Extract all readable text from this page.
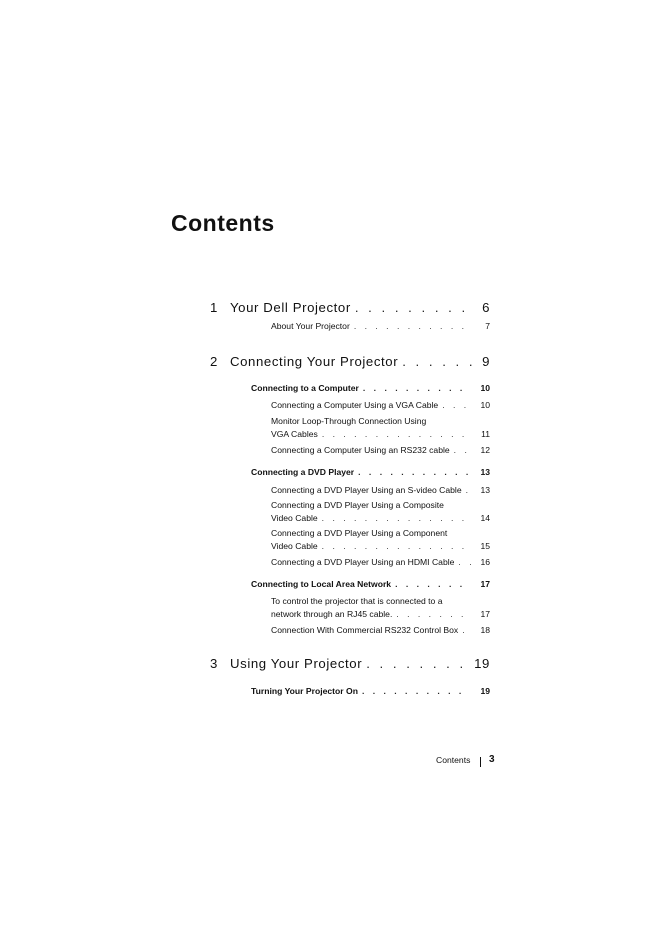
Contents
1 Your Dell Projector . . .	6
About Your Projector . . .	7
2 Connecting Your Projector . . .	9
Connecting to a Computer . . .	10
Connecting a Computer Using a VGA Cable . . .	10
Monitor Loop-Through Connection Using
VGA Cables . . .	11
Connecting a Computer Using an RS232 cable . . .	12
Connecting a DVD Player . . .	13
Connecting a DVD Player Using an S-video Cable . . .	13
Connecting a DVD Player Using a Composite
Video Cable . . .	14
Connecting a DVD Player Using a Component
Video Cable . . .	15
Connecting a DVD Player Using an HDMI Cable . . .	16
Connecting to Local Area Network . . .	17
To control the projector that is connected to a
network through an RJ45 cable. . . .	17
Connection With Commercial RS232 Control Box . . .	18
3 Using Your Projector . . .	19
Turning Your Projector On . . .	19
Contents 3
